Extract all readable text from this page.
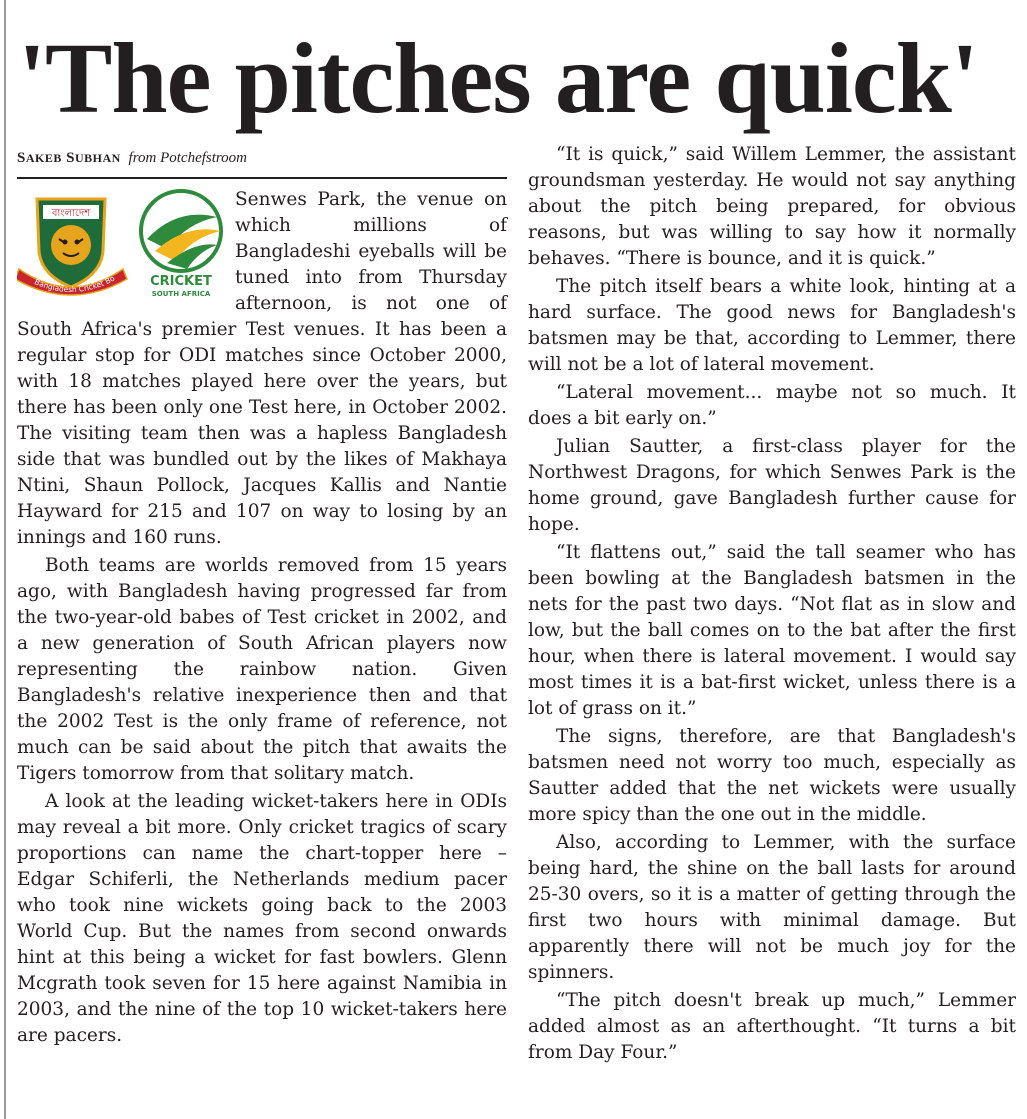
'The pitches are quick'
SAKEB SUBHAN from Potchefstroom
বাংলাদেশ
Bangladesh Cricket Bo	CRICKET
SOUTH AFRICA

Senwes Park, the venue on which millions of Bangladeshi eyeballs will be tuned into from Thursday afternoon, is not one of South Africa's premier Test venues. It has been a regular stop for ODI matches since October 2000, with 18 matches played here over the years, but there has been only one Test here, in October 2002. The visiting team then was a hapless Bangladesh side that was bundled out by the likes of Makhaya Ntini, Shaun Pollock, Jacques Kallis and Nantie Hayward for 215 and 107 on way to losing by an innings and 160 runs.

Both teams are worlds removed from 15 years ago, with Bangladesh having progressed far from the two-year-old babes of Test cricket in 2002, and a new generation of South African players now representing the rainbow nation. Given Bangladesh's relative inexperience then and that the 2002 Test is the only frame of reference, not much can be said about the pitch that awaits the Tigers tomorrow from that solitary match.

A look at the leading wicket-takers here in ODIs may reveal a bit more. Only cricket tragics of scary proportions can name the chart-topper here – Edgar Schiferli, the Netherlands medium pacer who took nine wickets going back to the 2003 World Cup. But the names from second onwards hint at this being a wicket for fast bowlers. Glenn Mcgrath took seven for 15 here against Namibia in 2003, and the nine of the top 10 wicket-takers here are pacers.

“It is quick,” said Willem Lemmer, the assistant groundsman yesterday. He would not say anything about the pitch being prepared, for obvious reasons, but was willing to say how it normally behaves. “There is bounce, and it is quick.”

The pitch itself bears a white look, hinting at a hard surface. The good news for Bangladesh's batsmen may be that, according to Lemmer, there will not be a lot of lateral movement.

“Lateral movement... maybe not so much. It does a bit early on.”

Julian Sautter, a first-class player for the Northwest Dragons, for which Senwes Park is the home ground, gave Bangladesh further cause for hope.

“It flattens out,” said the tall seamer who has been bowling at the Bangladesh batsmen in the nets for the past two days. “Not flat as in slow and low, but the ball comes on to the bat after the first hour, when there is lateral movement. I would say most times it is a bat-first wicket, unless there is a lot of grass on it.”

The signs, therefore, are that Bangladesh's batsmen need not worry too much, especially as Sautter added that the net wickets were usually more spicy than the one out in the middle.

Also, according to Lemmer, with the surface being hard, the shine on the ball lasts for around 25-30 overs, so it is a matter of getting through the first two hours with minimal damage. But apparently there will not be much joy for the spinners.

“The pitch doesn't break up much,” Lemmer added almost as an afterthought. “It turns a bit from Day Four.”
